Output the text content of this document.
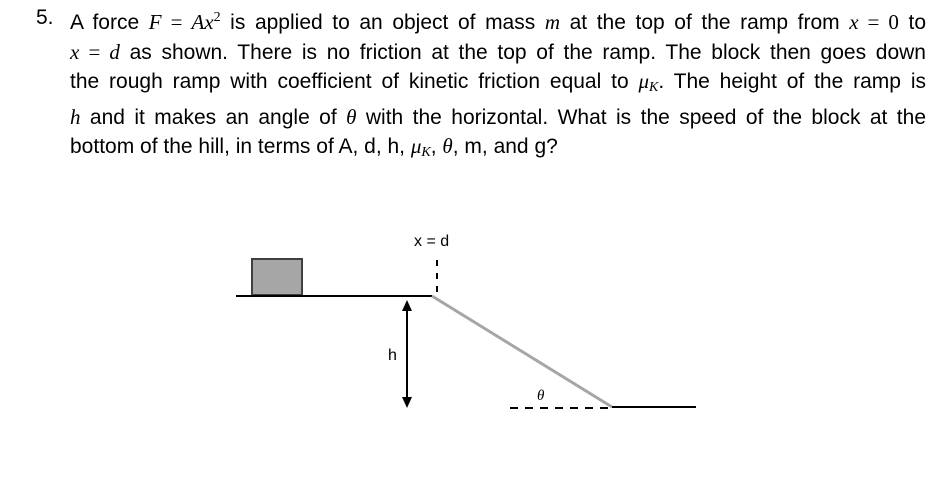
5. A force $F = Ax^2$ is applied to an object of mass m at the top of the ramp from x = 0 to
x = d as shown. There is no friction at the top of the ramp. The block then goes down
the rough ramp with coefficient of kinetic friction equal to $\mu_K$. The height of the ramp is
h and it makes an angle of θ with the horizontal. What is the speed of the block at the
bottom of the hill, in terms of A, d, h, $\mu_K$, θ, m, and g?
x = d
h
θ
